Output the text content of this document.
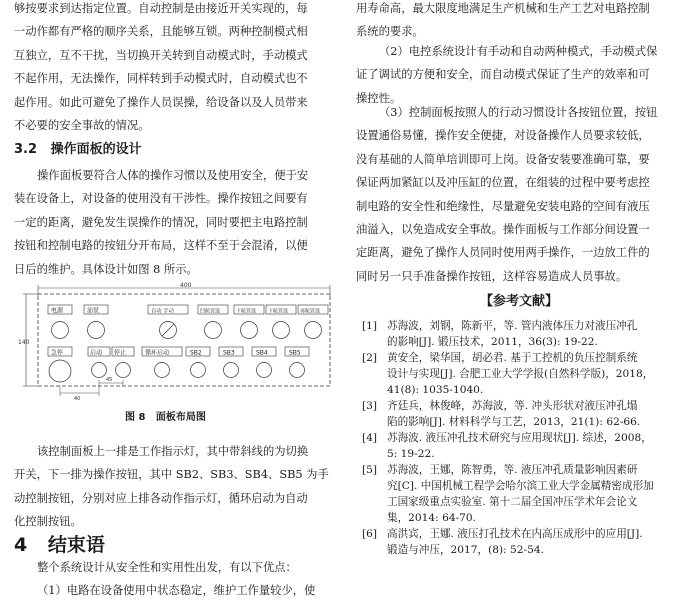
够按要求到达指定位置。自动控制是由接近开关实现的，每
一动作都有严格的顺序关系，且能够互锁。两种控制模式相
互独立，互不干扰，当切换开关转到自动模式时，手动模式
不起作用，无法操作，同样转到手动模式时，自动模式也不
起作用。如此可避免了操作人员误操，给设备以及人员带来
不必要的安全事故的情况。

3.2   操作面板的设计

操作面板要符合人体的操作习惯以及使用安全，便于安
装在设备上，对设备的使用没有干涉性。操作按钮之间要有
一定的距离，避免发生误操作的情况，同时要把主电路控制
按钮和控制电路的按钮分开布局，这样不至于会混淆，以便
日后的维护。具体设计如图 8 所示。

该控制面板上一排是工作指示灯，其中带斜线的为切换
开关，下一排为操作按钮，其中 SB2、SB3、SB4、SB5 为手
动控制按钮，分别对应上排各动作指示灯，循环启动为自动
化控制按钮。

4 结束语

整个系统设计从安全性和实用性出发，有以下优点：
（1）电路在设备使用中状态稳定，维护工作量较少，使

400
140
电源	油泵	自动 手动	凹航管选	下航管选 下航管选 再航管选
急停	启动 停止	循环启动	SB2	SB3	SB4	SB5
45
40
图 8   面板布局图

用寿命高，最大限度地满足生产机械和生产工艺对电路控制
系统的要求。

（2）电控系统设计有手动和自动两种模式，手动模式保
证了调试的方便和安全，而自动模式保证了生产的效率和可
操控性。

（3）控制面板按照人的行动习惯设计各按钮位置，按钮
设置通俗易懂，操作安全便捷，对设备操作人员要求较低，
没有基础的人简单培训即可上岗。设备安装要准确可靠，要
保证两加紧缸以及冲压缸的位置，在组装的过程中要考虑控
制电路的安全性和绝缘性，尽量避免安装电路的空间有液压
油溢入，以免造成安全事故。操作面板与工作部分间设置一
定距离，避免了操作人员同时使用两手操作，一边放工件的
同时另一只手准备操作按钮，这样容易造成人员事故。

【参考文献】
[1] 苏海波，刘钢，陈新平，等. 管内液体压力对液压冲孔
的影响[J]. 锻压技术，2011，36(3): 19-22.
[2] 黄安全，梁华国，胡必君. 基于工控机的负压控制系统
设计与实现[J]. 合肥工业大学学报(自然科学版)，2018，
41(8): 1035-1040.
[3] 齐廷兵，林俊峰，苏海波，等. 冲头形状对液压冲孔塌
陷的影响[J]. 材料科学与工艺，2013，21(1): 62-66.
[4] 苏海波. 液压冲孔技术研究与应用现状[J]. 综述，2008，
5: 19-22.
[5] 苏海波，王娜，陈智勇，等. 液压冲孔质量影响因素研
究[C]. 中国机械工程学会哈尔滨工业大学金属精密成形加
工国家级重点实验室. 第十二届全国冲压学术年会论文
集，2014: 64-70.
[6] 高洪宾，王娜. 液压打孔技术在内高压成形中的应用[J].
锻造与冲压，2017，(8): 52-54.
